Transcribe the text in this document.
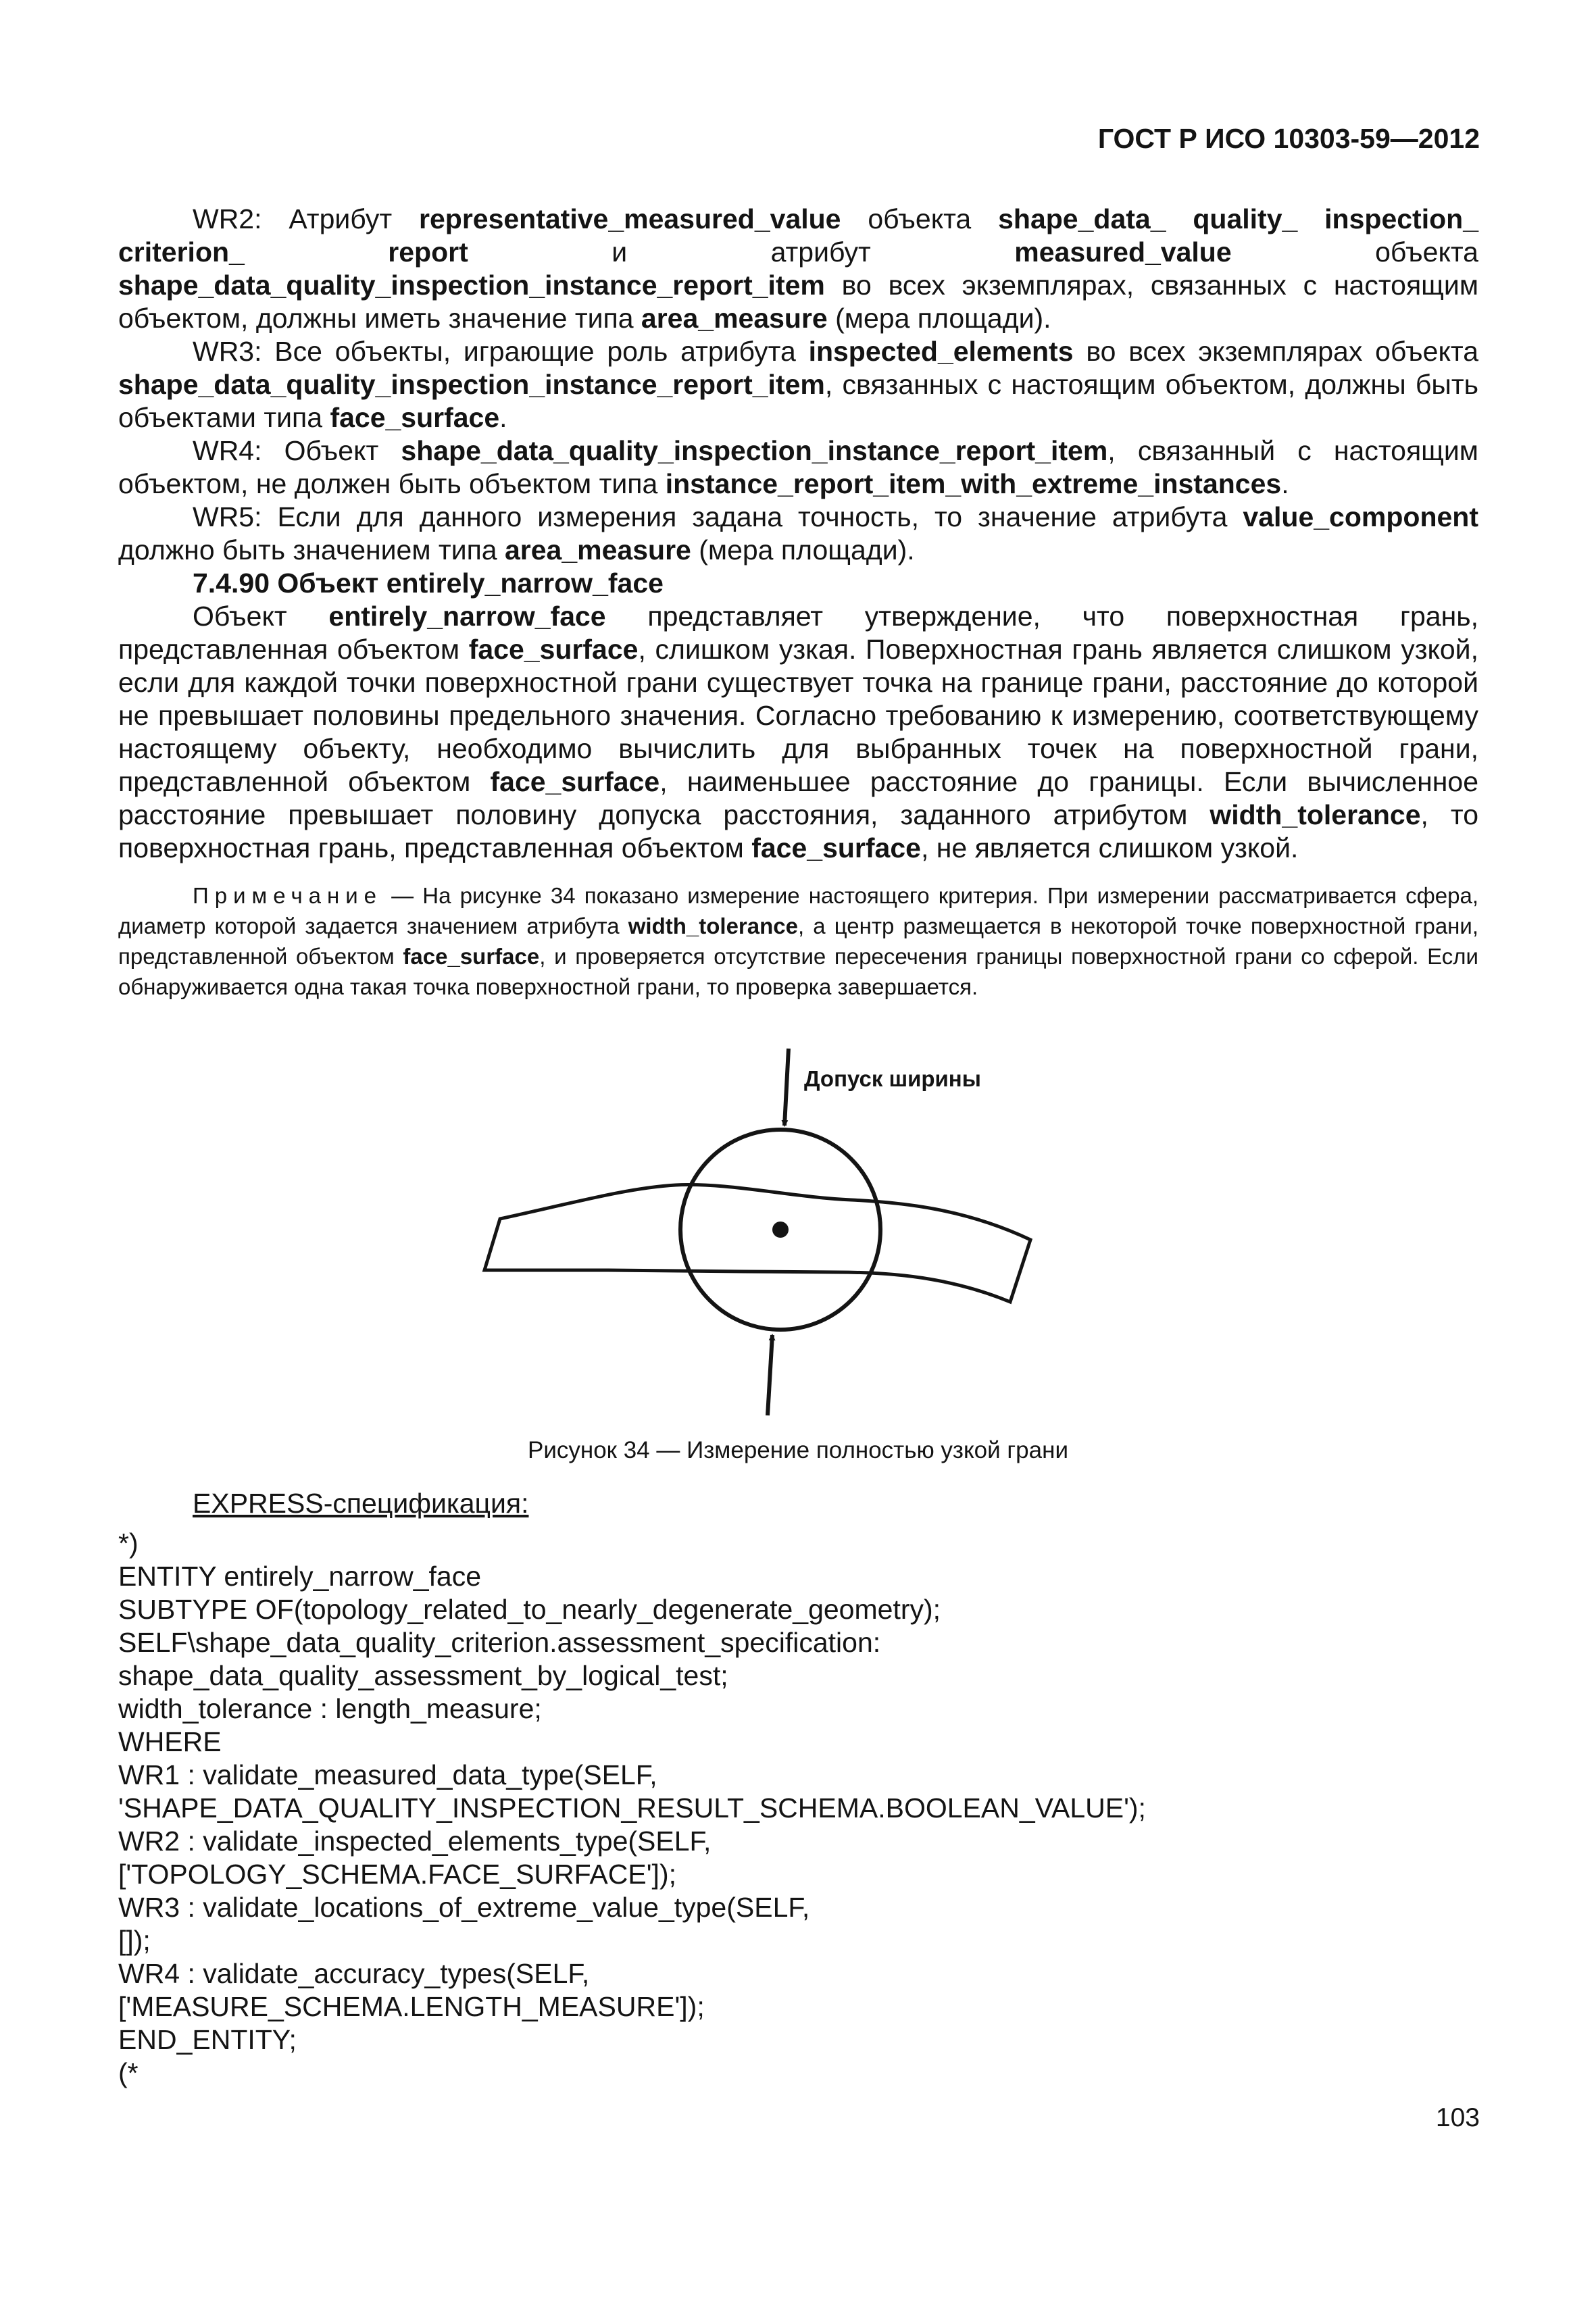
ГОСТ Р ИСО 10303-59—2012

WR2: Атрибут representative_measured_value объекта shape_data_ quality_ inspection_ criterion_ report и атрибут measured_value объекта shape_data_quality_inspection_instance_report_item во всех экземплярах, связанных с настоящим объектом, должны иметь значение типа area_measure (мера площади).

WR3: Все объекты, играющие роль атрибута inspected_elements во всех экземплярах объекта shape_data_quality_inspection_instance_report_item, связанных с настоящим объектом, должны быть объектами типа face_surface.

WR4: Объект shape_data_quality_inspection_instance_report_item, связанный с настоящим объектом, не должен быть объектом типа instance_report_item_with_extreme_instances.

WR5: Если для данного измерения задана точность, то значение атрибута value_component должно быть значением типа area_measure (мера площади).

7.4.90 Объект entirely_narrow_face

Объект entirely_narrow_face представляет утверждение, что поверхностная грань, представленная объектом face_surface, слишком узкая. Поверхностная грань является слишком узкой, если для каждой точки поверхностной грани существует точка на границе грани, расстояние до которой не превышает половины предельного значения. Согласно требованию к измерению, соответствующему настоящему объекту, необходимо вычислить для выбранных точек на поверхностной грани, представленной объектом face_surface, наименьшее расстояние до границы. Если вычисленное расстояние превышает половину допуска расстояния, заданного атрибутом width_tolerance, то поверхностная грань, представленная объектом face_surface, не является слишком узкой.

Примечание — На рисунке 34 показано измерение настоящего критерия. При измерении рассматривается сфера, диаметр которой задается значением атрибута width_tolerance, а центр размещается в некоторой точке поверхностной грани, представленной объектом face_surface, и проверяется отсутствие пересечения границы поверхностной грани со сферой. Если обнаруживается одна такая точка поверхностной грани, то проверка завершается.

Допуск ширины
Рисунок 34 — Измерение полностью узкой грани
EXPRESS-спецификация:
*)
ENTITY entirely_narrow_face
SUBTYPE OF(topology_related_to_nearly_degenerate_geometry);
SELF\shape_data_quality_criterion.assessment_specification:
shape_data_quality_assessment_by_logical_test;
width_tolerance : length_measure;
WHERE
WR1 : validate_measured_data_type(SELF,
'SHAPE_DATA_QUALITY_INSPECTION_RESULT_SCHEMA.BOOLEAN_VALUE');
WR2 : validate_inspected_elements_type(SELF,
['TOPOLOGY_SCHEMA.FACE_SURFACE']);
WR3 : validate_locations_of_extreme_value_type(SELF,
[]);
WR4 : validate_accuracy_types(SELF,
['MEASURE_SCHEMA.LENGTH_MEASURE']);
END_ENTITY;
(*
103
